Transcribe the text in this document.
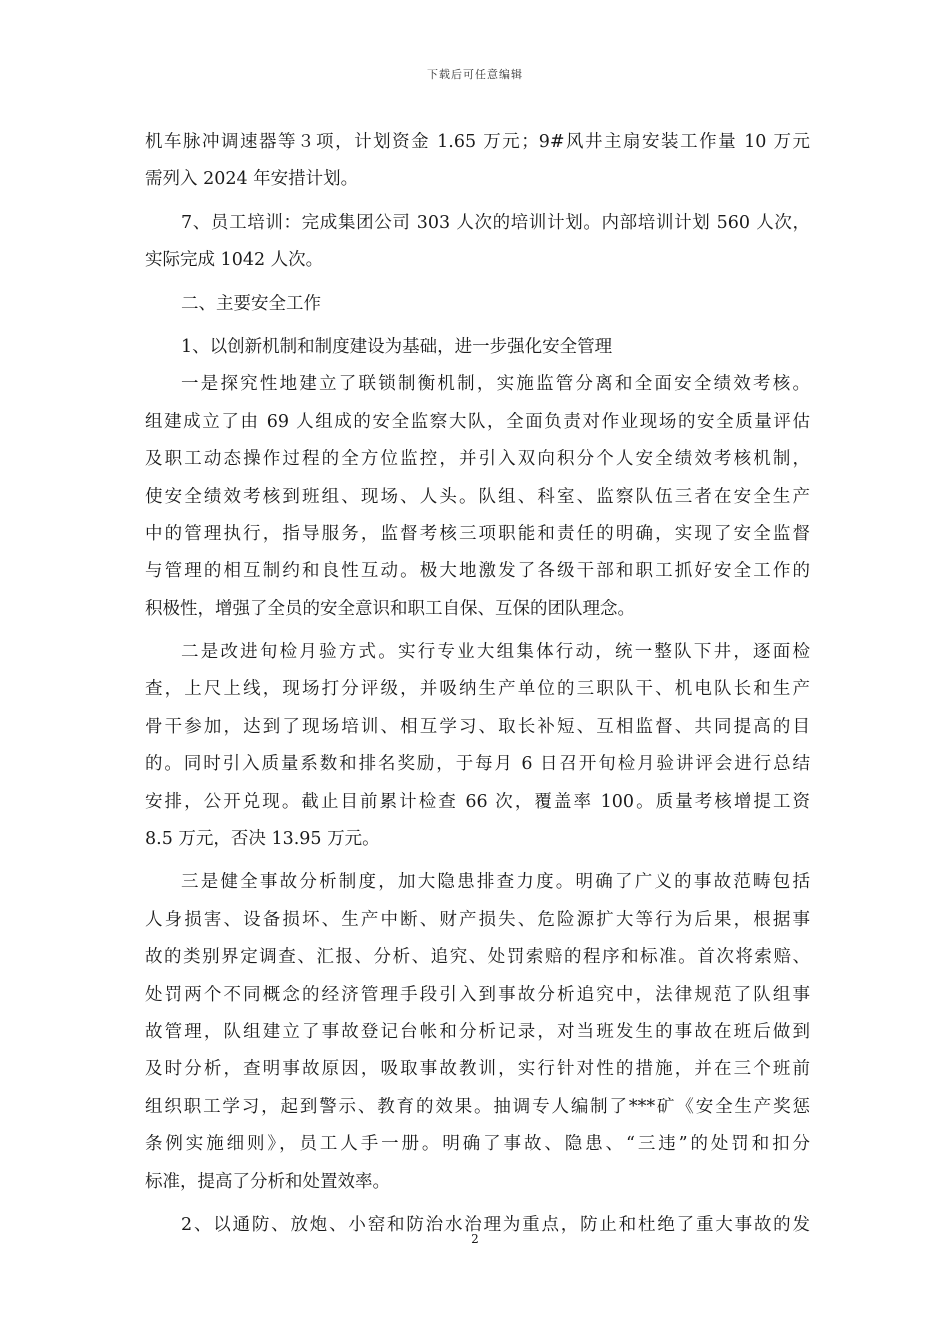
下载后可任意编辑
机车脉冲调速器等３项，计划资金 1.65 万元；9#风井主扇安装工作量 10 万元
需列入 2024 年安措计划。
7、员工培训：完成集团公司 303 人次的培训计划。内部培训计划 560 人次，
实际完成 1042 人次。
二、主要安全工作
1、以创新机制和制度建设为基础，进一步强化安全管理
一是探究性地建立了联锁制衡机制，实施监管分离和全面安全绩效考核。
组建成立了由 69 人组成的安全监察大队，全面负责对作业现场的安全质量评估
及职工动态操作过程的全方位监控，并引入双向积分个人安全绩效考核机制，
使安全绩效考核到班组、现场、人头。队组、科室、监察队伍三者在安全生产
中的管理执行，指导服务，监督考核三项职能和责任的明确，实现了安全监督
与管理的相互制约和良性互动。极大地激发了各级干部和职工抓好安全工作的
积极性，增强了全员的安全意识和职工自保、互保的团队理念。
二是改进旬检月验方式。实行专业大组集体行动，统一整队下井，逐面检
查，上尺上线，现场打分评级，并吸纳生产单位的三职队干、机电队长和生产
骨干参加，达到了现场培训、相互学习、取长补短、互相监督、共同提高的目
的。同时引入质量系数和排名奖励，于每月 6 日召开旬检月验讲评会进行总结
安排，公开兑现。截止目前累计检查 66 次，覆盖率 100。质量考核增提工资
8.5 万元，否决 13.95 万元。
三是健全事故分析制度，加大隐患排查力度。明确了广义的事故范畴包括
人身损害、设备损坏、生产中断、财产损失、危险源扩大等行为后果，根据事
故的类别界定调查、汇报、分析、追究、处罚索赔的程序和标准。首次将索赔、
处罚两个不同概念的经济管理手段引入到事故分析追究中，法律规范了队组事
故管理，队组建立了事故登记台帐和分析记录，对当班发生的事故在班后做到
及时分析，查明事故原因，吸取事故教训，实行针对性的措施，并在三个班前
组织职工学习，起到警示、教育的效果。抽调专人编制了***矿《安全生产奖惩
条例实施细则》，员工人手一册。明确了事故、隐患、“三违”的处罚和扣分
标准，提高了分析和处置效率。
2、以通防、放炮、小窑和防治水治理为重点，防止和杜绝了重大事故的发
2
